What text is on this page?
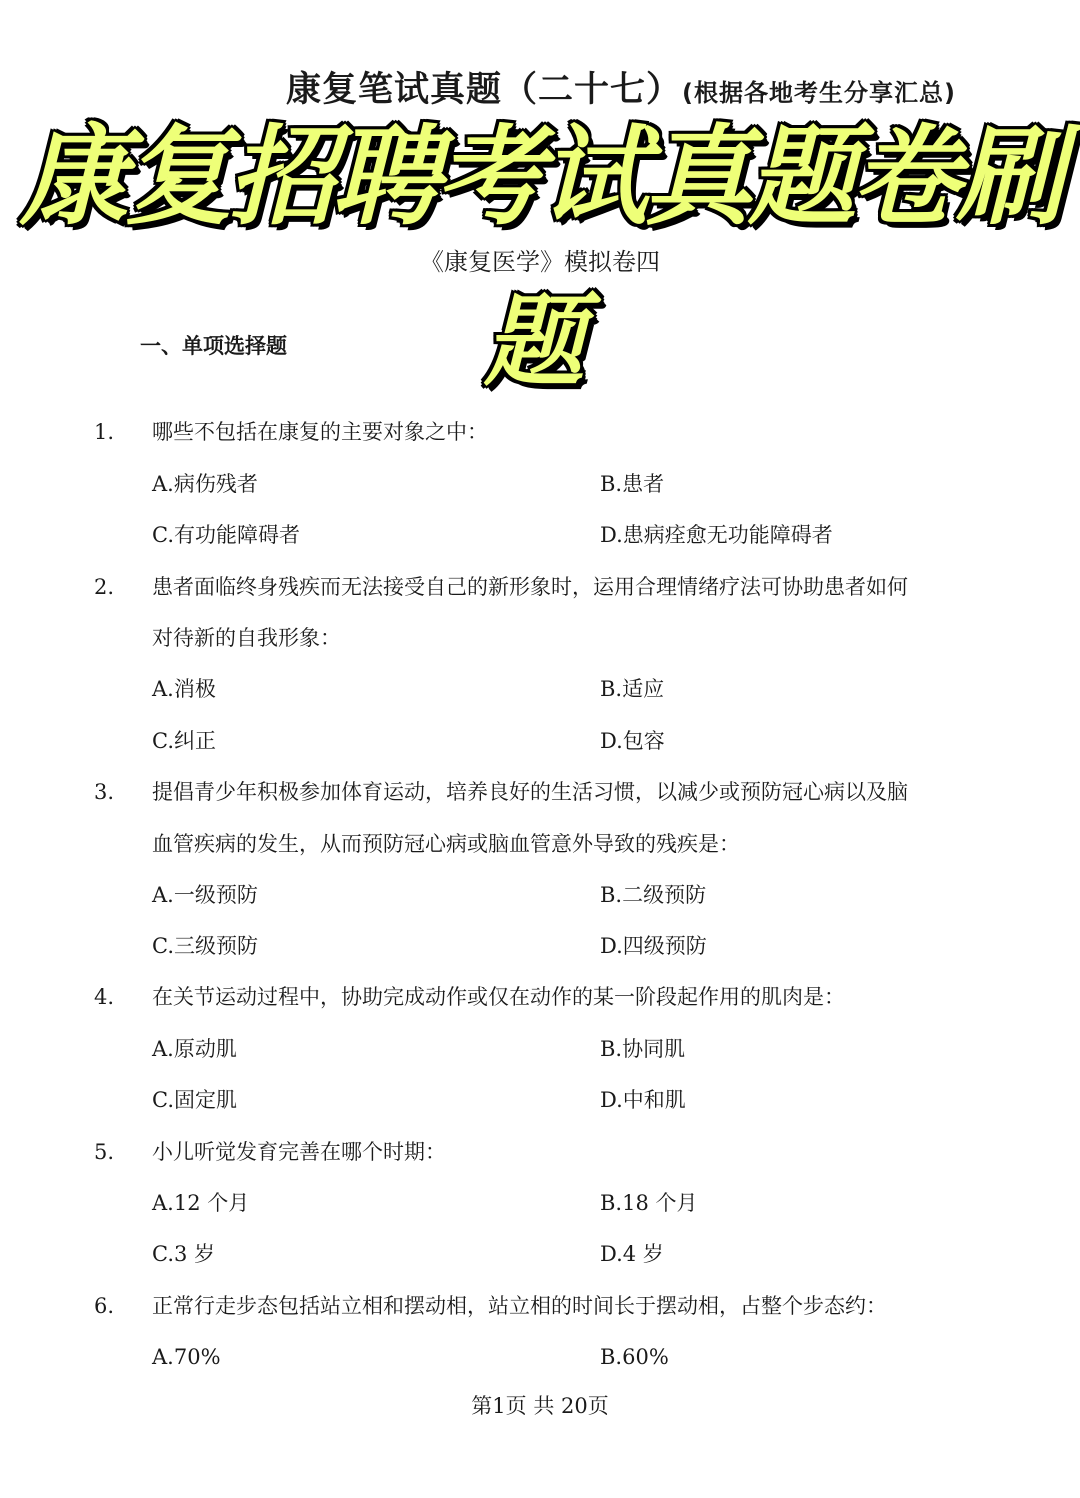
康复笔试真题（二十七）(根据各地考生分享汇总)
《康复医学》模拟卷四
康复招聘考试真题卷刷
题
一、单项选择题
1. 哪些不包括在康复的主要对象之中：
A.病伤残者	B.患者
C.有功能障碍者	D.患病痊愈无功能障碍者
2. 患者面临终身残疾而无法接受自己的新形象时，运用合理情绪疗法可协助患者如何
对待新的自我形象：
A.消极	B.适应
C.纠正	D.包容
3. 提倡青少年积极参加体育运动，培养良好的生活习惯，以减少或预防冠心病以及脑
血管疾病的发生，从而预防冠心病或脑血管意外导致的残疾是：
A.一级预防	B.二级预防
C.三级预防	D.四级预防
4. 在关节运动过程中，协助完成动作或仅在动作的某一阶段起作用的肌肉是：
A.原动肌	B.协同肌
C.固定肌	D.中和肌
5. 小儿听觉发育完善在哪个时期：
A.12 个月	B.18 个月
C.3 岁	D.4 岁
6. 正常行走步态包括站立相和摆动相，站立相的时间长于摆动相，占整个步态约：
A.70%	B.60%
第1页 共 20页
